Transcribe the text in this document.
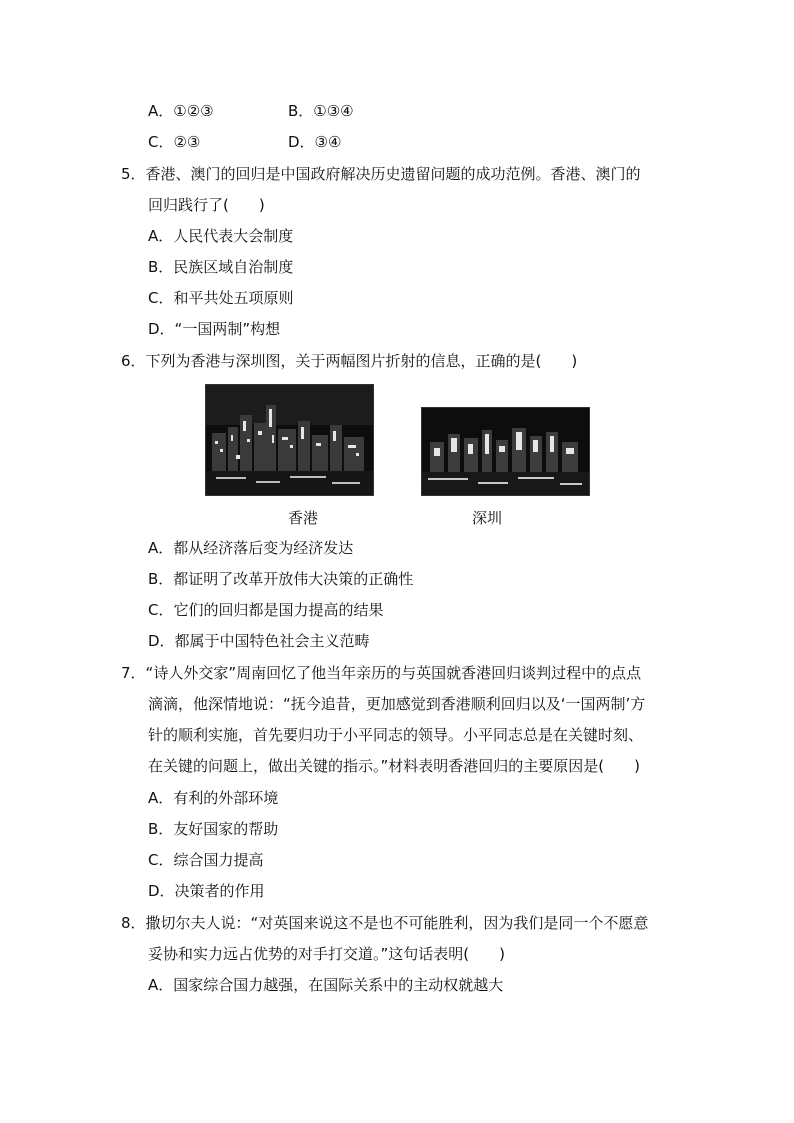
A．①②③	B．①③④
C．②③	D．③④
5．香港、澳门的回归是中国政府解决历史遗留问题的成功范例。香港、澳门的
回归践行了(　　)
A．人民代表大会制度
B．民族区域自治制度
C．和平共处五项原则
D．“一国两制”构想
6．下列为香港与深圳图，关于两幅图片折射的信息，正确的是(　　)
香港	深圳
A．都从经济落后变为经济发达
B．都证明了改革开放伟大决策的正确性
C．它们的回归都是国力提高的结果
D．都属于中国特色社会主义范畴
7．“诗人外交家”周南回忆了他当年亲历的与英国就香港回归谈判过程中的点点
滴滴，他深情地说：“抚今追昔，更加感觉到香港顺利回归以及‘一国两制’方
针的顺利实施，首先要归功于小平同志的领导。小平同志总是在关键时刻、
在关键的问题上，做出关键的指示。”材料表明香港回归的主要原因是(　　)
A．有利的外部环境
B．友好国家的帮助
C．综合国力提高
D．决策者的作用
8．撒切尔夫人说：“对英国来说这不是也不可能胜利，因为我们是同一个不愿意
妥协和实力远占优势的对手打交道。”这句话表明(　　)
A．国家综合国力越强，在国际关系中的主动权就越大
